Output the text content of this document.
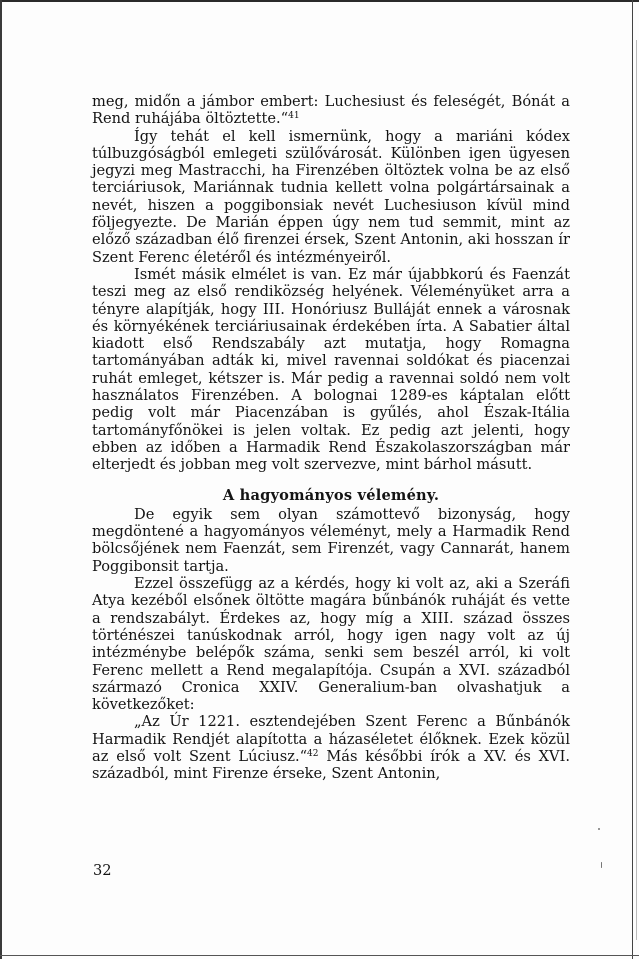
meg, midőn a jámbor embert: Luchesiust és feleségét, Bónát a Rend ruhájába öltöztette.“$^{41}$

Így tehát el kell ismernünk, hogy a mariáni kódex túlbuzgóságból emlegeti szülővárosát. Különben igen ügyesen jegyzi meg Mastracchi, ha Firenzében öltöztek volna be az első terciáriusok, Mariánnak tudnia kellett volna polgártársainak a nevét, hiszen a poggibonsiak nevét Luchesiuson kívül mind följegyezte. De Marián éppen úgy nem tud semmit, mint az előző században élő firenzei érsek, Szent Antonin, aki hosszan ír Szent Ferenc életéről és intézményeiről.

Ismét másik elmélet is van. Ez már újabbkorú és Faenzát teszi meg az első rendiközség helyének. Véleményüket arra a tényre alapítják, hogy III. Honóriusz Bulláját ennek a városnak és környékének terciáriusainak érdekében írta. A Sabatier által kiadott első Rendszabály azt mutatja, hogy Romagna tartományában adták ki, mivel ravennai soldókat és piacenzai ruhát emleget, kétszer is. Már pedig a ravennai soldó nem volt használatos Firenzében. A bolognai 1289-es káptalan előtt pedig volt már Piacenzában is gyűlés, ahol Észak-Itália tartományfőnökei is jelen voltak. Ez pedig azt jelenti, hogy ebben az időben a Harmadik Rend Északolaszországban már elterjedt és jobban meg volt szervezve, mint bárhol másutt.

A hagyományos vélemény.

De egyik sem olyan számottevő bizonyság, hogy megdöntené a hagyományos véleményt, mely a Harmadik Rend bölcsőjének nem Faenzát, sem Firenzét, vagy Cannarát, hanem Poggibonsit tartja.

Ezzel összefügg az a kérdés, hogy ki volt az, aki a Szeráfi Atya kezéből elsőnek öltötte magára bűnbánók ruháját és vette a rendszabályt. Érdekes az, hogy míg a XIII. század összes történészei tanúskodnak arról, hogy igen nagy volt az új intézménybe belépők száma, senki sem beszél arról, ki volt Ferenc mellett a Rend megalapítója. Csupán a XVI. századból származó Cronica XXIV. Generalium-ban olvashatjuk a következőket:

„Az Úr 1221. esztendejében Szent Ferenc a Bűnbánók Harmadik Rendjét alapította a házaséletet élőknek. Ezek közül az első volt Szent Lúciusz.“$^{42}$ Más későbbi írók a XV. és XVI. századból, mint Firenze érseke, Szent Antonin,

32
